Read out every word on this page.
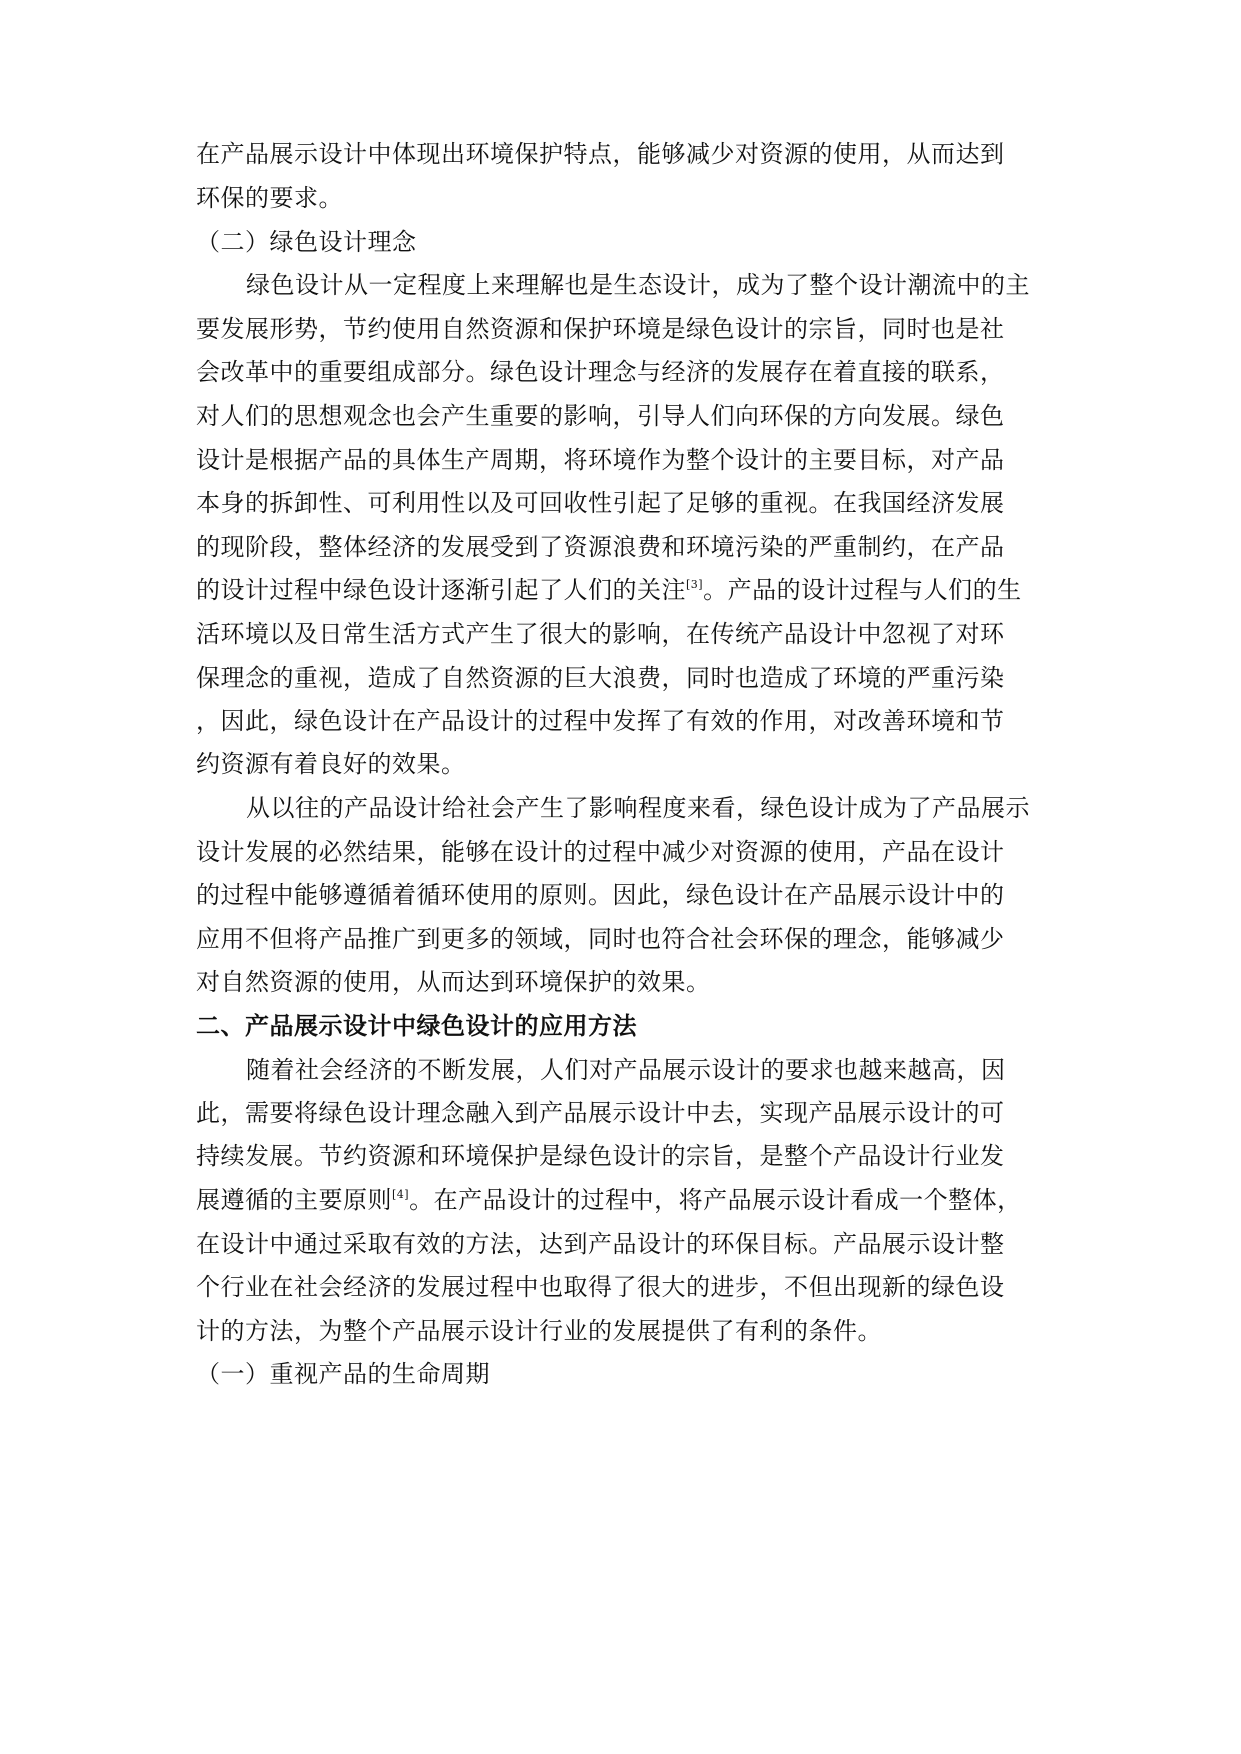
在产品展示设计中体现出环境保护特点，能够减少对资源的使用，从而达到
环保的要求。
（二）绿色设计理念
绿色设计从一定程度上来理解也是生态设计，成为了整个设计潮流中的主
要发展形势，节约使用自然资源和保护环境是绿色设计的宗旨，同时也是社
会改革中的重要组成部分。绿色设计理念与经济的发展存在着直接的联系，
对人们的思想观念也会产生重要的影响，引导人们向环保的方向发展。绿色
设计是根据产品的具体生产周期，将环境作为整个设计的主要目标，对产品
本身的拆卸性、可利用性以及可回收性引起了足够的重视。在我国经济发展
的现阶段，整体经济的发展受到了资源浪费和环境污染的严重制约，在产品
的设计过程中绿色设计逐渐引起了人们的关注[3]。产品的设计过程与人们的生
活环境以及日常生活方式产生了很大的影响，在传统产品设计中忽视了对环
保理念的重视，造成了自然资源的巨大浪费，同时也造成了环境的严重污染
，因此，绿色设计在产品设计的过程中发挥了有效的作用，对改善环境和节
约资源有着良好的效果。
从以往的产品设计给社会产生了影响程度来看，绿色设计成为了产品展示
设计发展的必然结果，能够在设计的过程中减少对资源的使用，产品在设计
的过程中能够遵循着循环使用的原则。因此，绿色设计在产品展示设计中的
应用不但将产品推广到更多的领域，同时也符合社会环保的理念，能够减少
对自然资源的使用，从而达到环境保护的效果。
二、产品展示设计中绿色设计的应用方法
随着社会经济的不断发展，人们对产品展示设计的要求也越来越高，因
此，需要将绿色设计理念融入到产品展示设计中去，实现产品展示设计的可
持续发展。节约资源和环境保护是绿色设计的宗旨，是整个产品设计行业发
展遵循的主要原则[4]。在产品设计的过程中，将产品展示设计看成一个整体，
在设计中通过采取有效的方法，达到产品设计的环保目标。产品展示设计整
个行业在社会经济的发展过程中也取得了很大的进步，不但出现新的绿色设
计的方法，为整个产品展示设计行业的发展提供了有利的条件。
（一）重视产品的生命周期
